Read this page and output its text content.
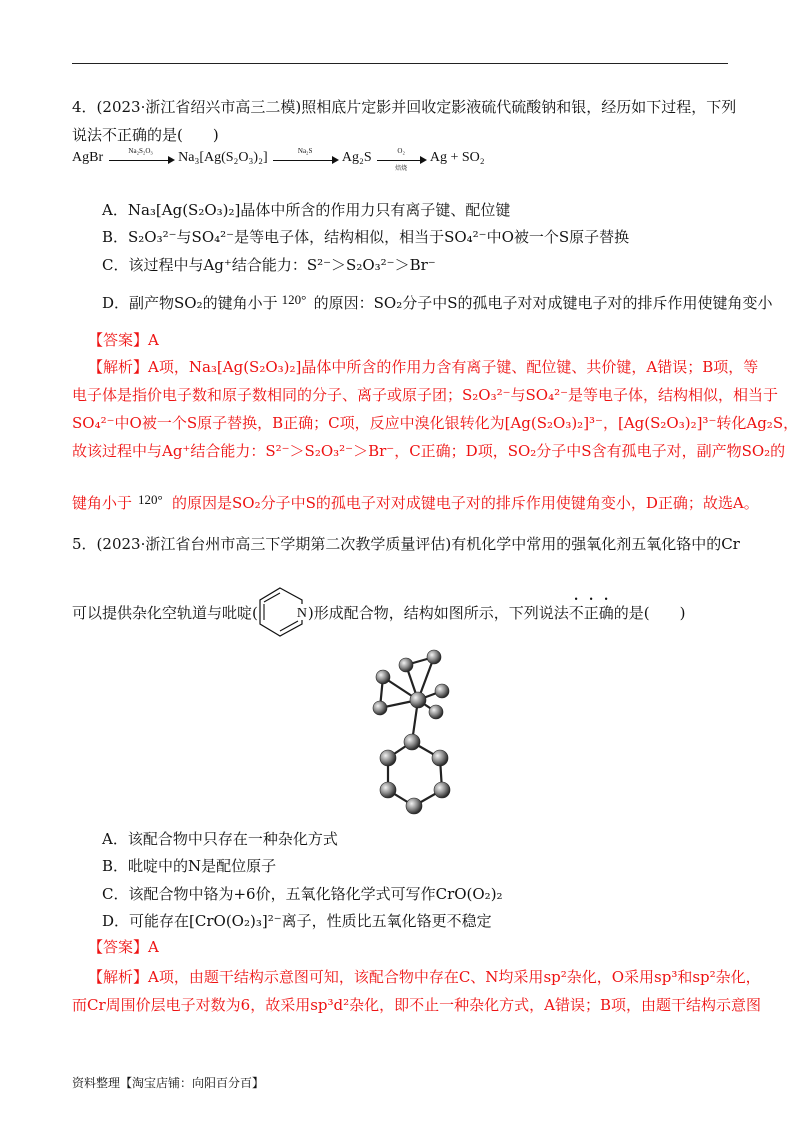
4．(2023·浙江省绍兴市高三二模)照相底片定影并回收定影液硫代硫酸钠和银，经历如下过程，下列
说法不正确的是(　　)
AgBr	Na₂S₂O₃	Na₃[Ag(S₂O₃)₂]	Na₂S	Ag₂S	O₂
焙烧
Ag + SO₂
A．Na₃[Ag(S₂O₃)₂]晶体中所含的作用力只有离子键、配位键
B．S₂O₃²⁻与SO₄²⁻是等电子体，结构相似，相当于SO₄²⁻中O被一个S原子替换
C．该过程中与Ag⁺结合能力：S²⁻＞S₂O₃²⁻＞Br⁻
D．副产物SO₂的键角小于 120° 的原因：SO₂分子中S的孤电子对对成键电子对的排斥作用使键角变小
【答案】A
【解析】A项，Na₃[Ag(S₂O₃)₂]晶体中所含的作用力含有离子键、配位键、共价键，A错误；B项，等
电子体是指价电子数和原子数相同的分子、离子或原子团；S₂O₃²⁻与SO₄²⁻是等电子体，结构相似，相当于
SO₄²⁻中O被一个S原子替换，B正确；C项，反应中溴化银转化为[Ag(S₂O₃)₂]³⁻，[Ag(S₂O₃)₂]³⁻转化Ag₂S，
故该过程中与Ag⁺结合能力：S²⁻＞S₂O₃²⁻＞Br⁻，C正确；D项，SO₂分子中S含有孤电子对，副产物SO₂的
键角小于 120° 的原因是SO₂分子中S的孤电子对对成键电子对的排斥作用使键角变小，D正确；故选A。
5．(2023·浙江省台州市高三下学期第二次教学质量评估)有机化学中常用的强氧化剂五氧化铬中的Cr
可以提供杂化空轨道与吡啶(	N )形成配合物，结构如图所示，下列说法不正确的是(　　)
A．该配合物中只存在一种杂化方式
B．吡啶中的N是配位原子
C．该配合物中铬为+6价，五氧化铬化学式可写作CrO(O₂)₂
D．可能存在[CrO(O₂)₃]²⁻离子，性质比五氧化铬更不稳定
【答案】A
【解析】A项，由题干结构示意图可知，该配合物中存在C、N均采用sp²杂化，O采用sp³和sp²杂化，
而Cr周围价层电子对数为6，故采用sp³d²杂化，即不止一种杂化方式，A错误；B项，由题干结构示意图
资料整理【淘宝店铺：向阳百分百】
